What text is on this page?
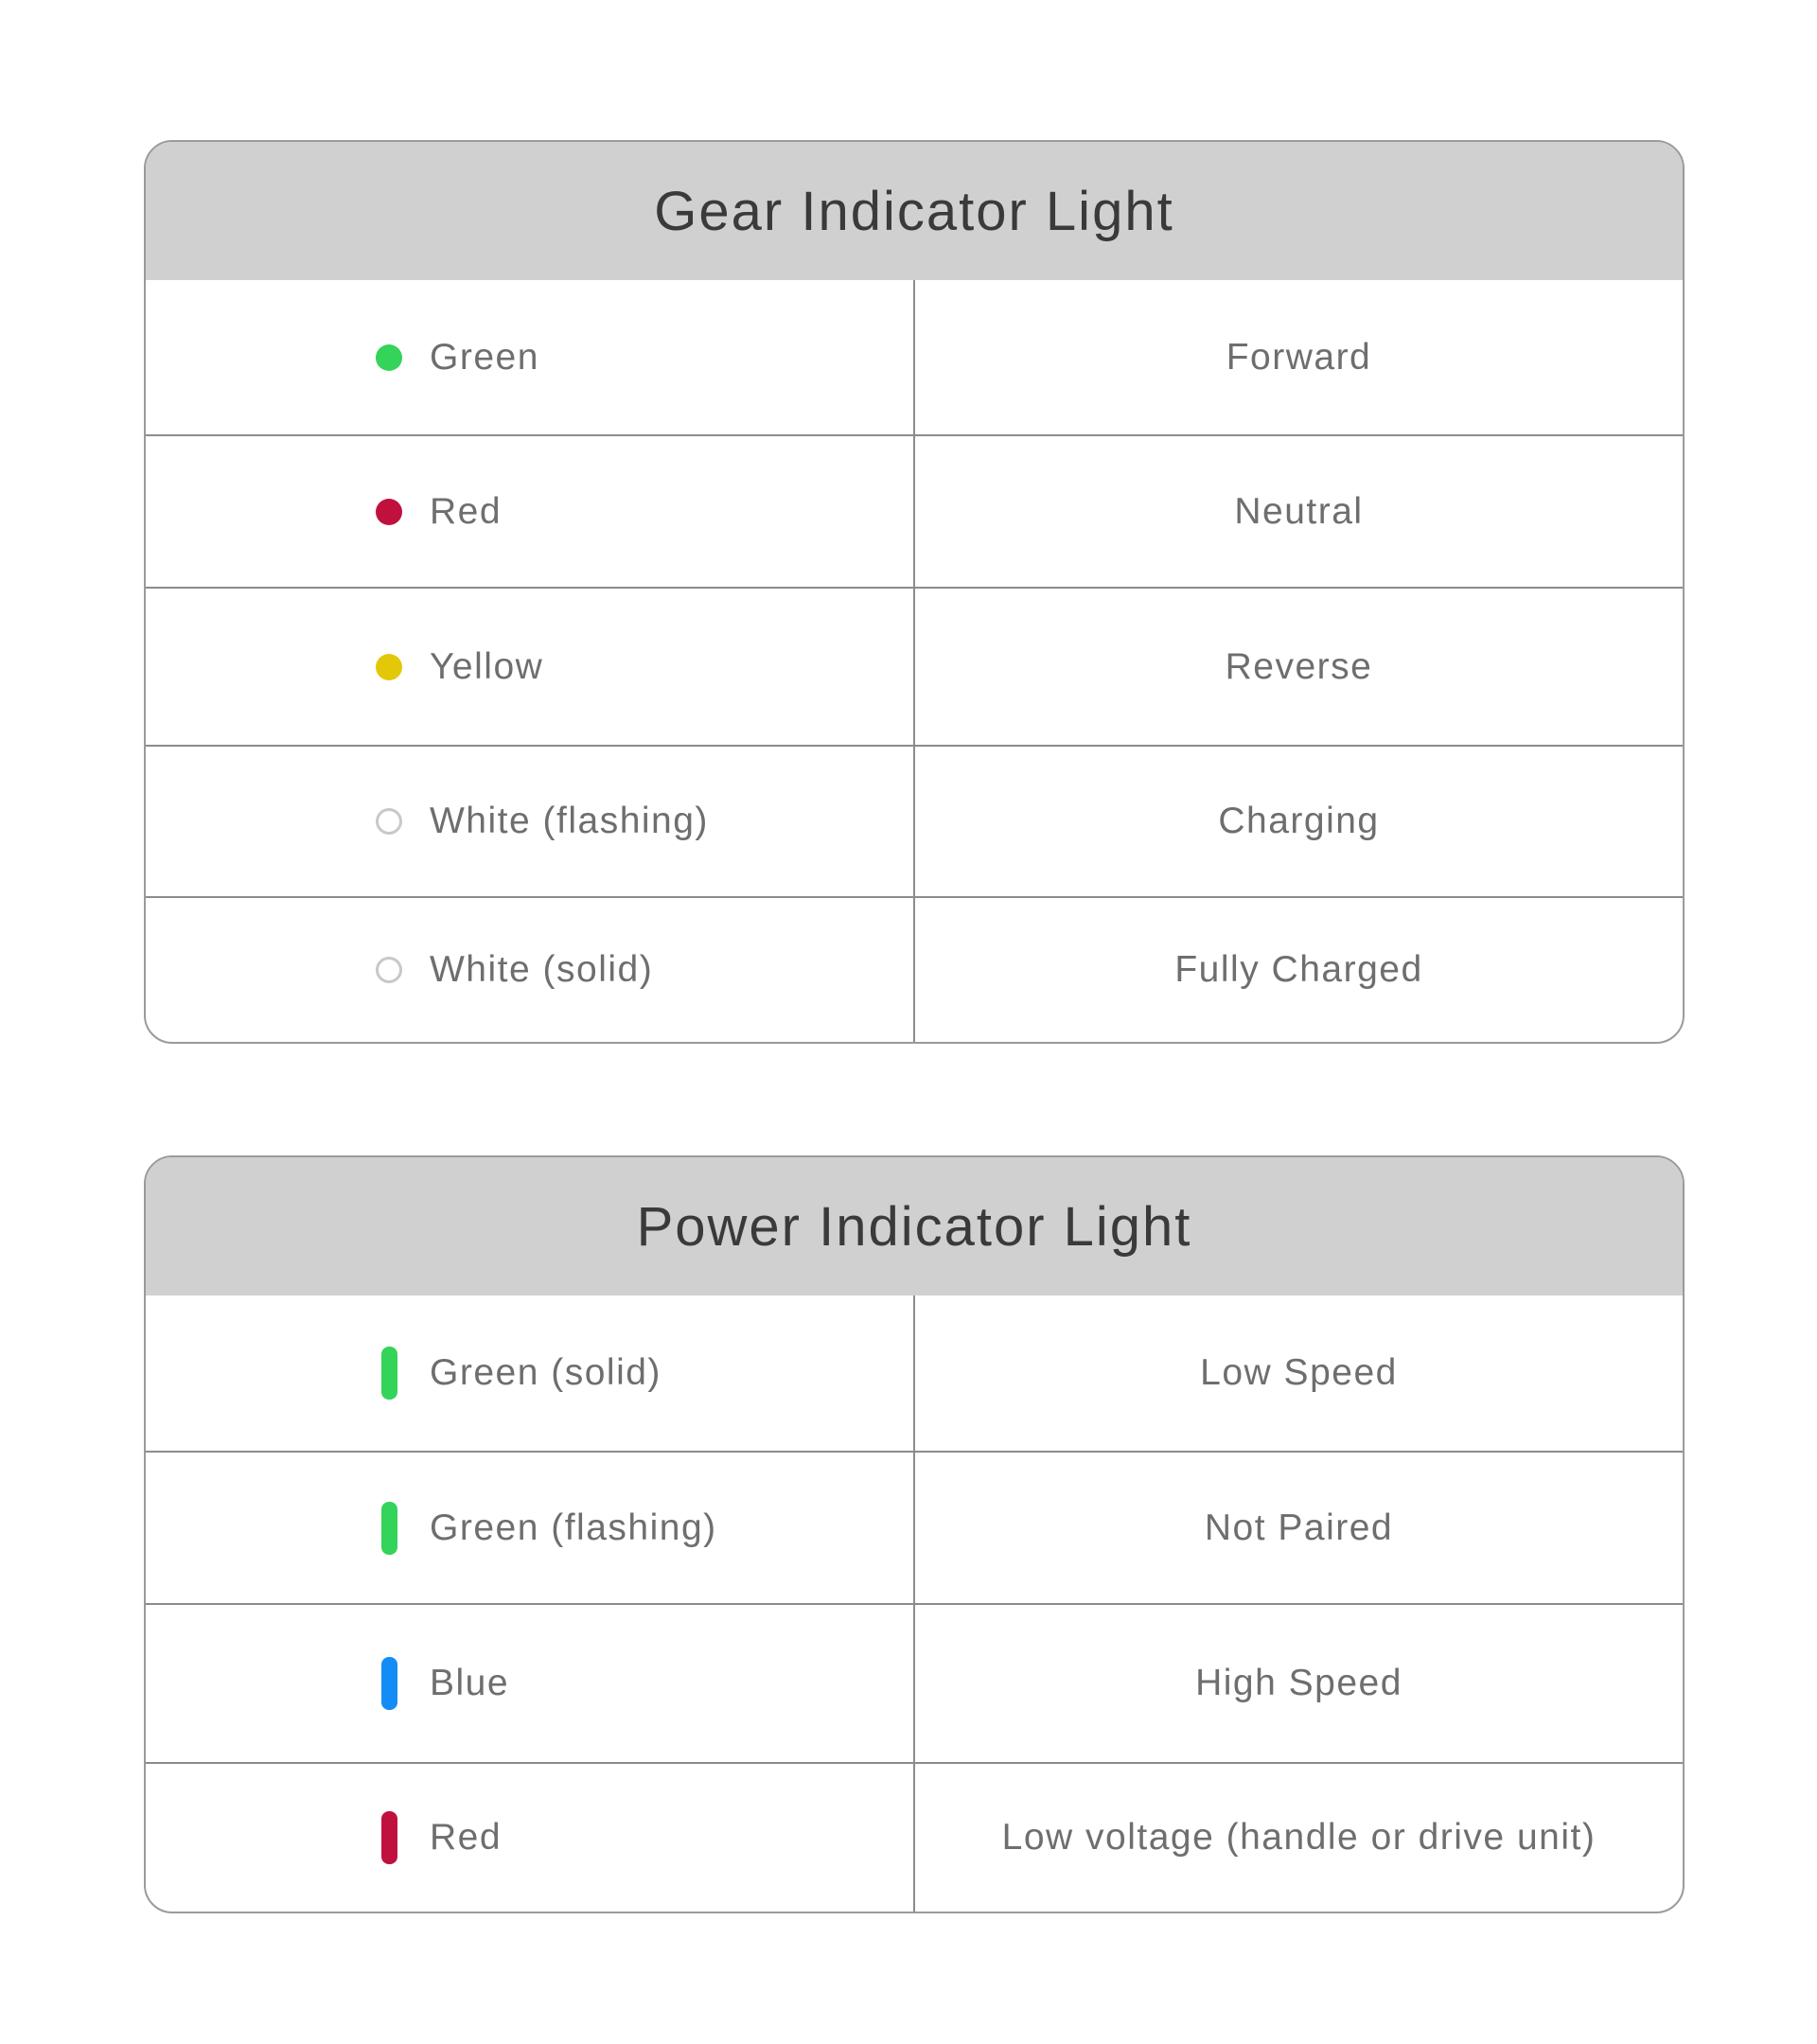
Gear Indicator Light
Green	Forward
Red	Neutral
Yellow	Reverse
White (flashing)	Charging
White (solid)	Fully Charged
Power Indicator Light
Green (solid)	Low Speed
Green (flashing)	Not Paired
Blue	High Speed
Red	Low voltage (handle or drive unit)
